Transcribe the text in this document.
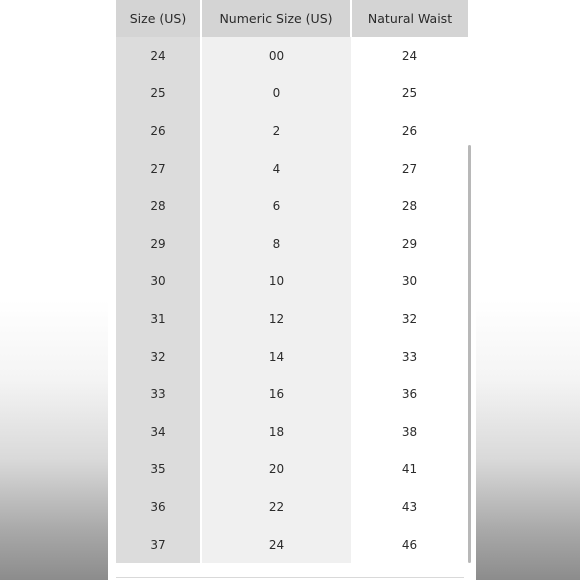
Size (US)	Numeric Size (US)	Natural Waist
24	00	24
25	0	25
26	2	26
27	4	27
28	6	28
29	8	29
30	10	30
31	12	32
32	14	33
33	16	36
34	18	38
35	20	41
36	22	43
37	24	46
